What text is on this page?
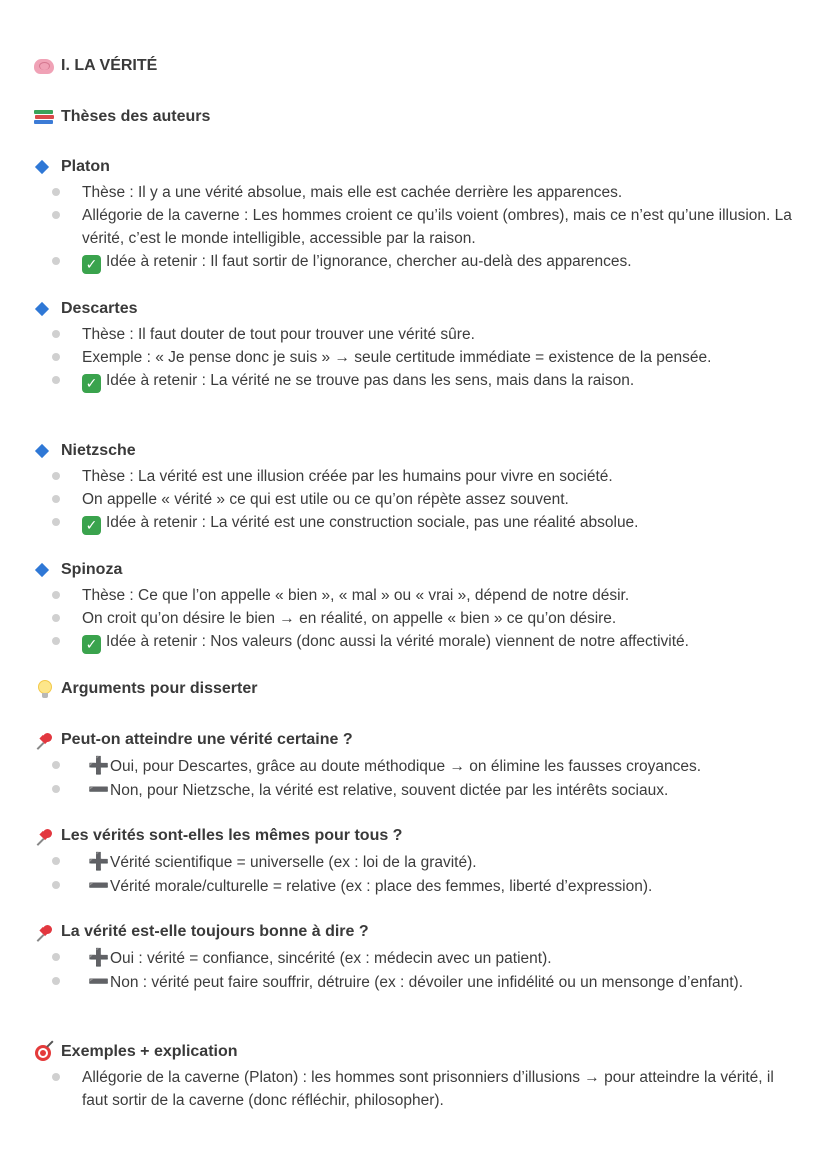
I. LA VÉRITÉ
Thèses des auteurs
Platon
Thèse : Il y a une vérité absolue, mais elle est cachée derrière les apparences.
Allégorie de la caverne : Les hommes croient ce qu’ils voient (ombres), mais ce n’est qu’une illusion. La vérité, c’est le monde intelligible, accessible par la raison.
✓ Idée à retenir : Il faut sortir de l’ignorance, chercher au-delà des apparences.
Descartes
Thèse : Il faut douter de tout pour trouver une vérité sûre.
Exemple : « Je pense donc je suis » → seule certitude immédiate = existence de la pensée.
✓ Idée à retenir : La vérité ne se trouve pas dans les sens, mais dans la raison.
Nietzsche
Thèse : La vérité est une illusion créée par les humains pour vivre en société.
On appelle « vérité » ce qui est utile ou ce qu’on répète assez souvent.
✓ Idée à retenir : La vérité est une construction sociale, pas une réalité absolue.
Spinoza
Thèse : Ce que l’on appelle « bien », « mal » ou « vrai », dépend de notre désir.
On croit qu’on désire le bien → en réalité, on appelle « bien » ce qu’on désire.
✓ Idée à retenir : Nos valeurs (donc aussi la vérité morale) viennent de notre affectivité.
Arguments pour disserter
Peut-on atteindre une vérité certaine ?
➕Oui, pour Descartes, grâce au doute méthodique → on élimine les fausses croyances.
➖Non, pour Nietzsche, la vérité est relative, souvent dictée par les intérêts sociaux.
Les vérités sont-elles les mêmes pour tous ?
➕Vérité scientifique = universelle (ex : loi de la gravité).
➖Vérité morale/culturelle = relative (ex : place des femmes, liberté d’expression).
La vérité est-elle toujours bonne à dire ?
➕Oui : vérité = confiance, sincérité (ex : médecin avec un patient).
➖Non : vérité peut faire souffrir, détruire (ex : dévoiler une infidélité ou un mensonge d’enfant).
Exemples + explication
Allégorie de la caverne (Platon) : les hommes sont prisonniers d’illusions → pour atteindre la vérité, il faut sortir de la caverne (donc réfléchir, philosopher).
